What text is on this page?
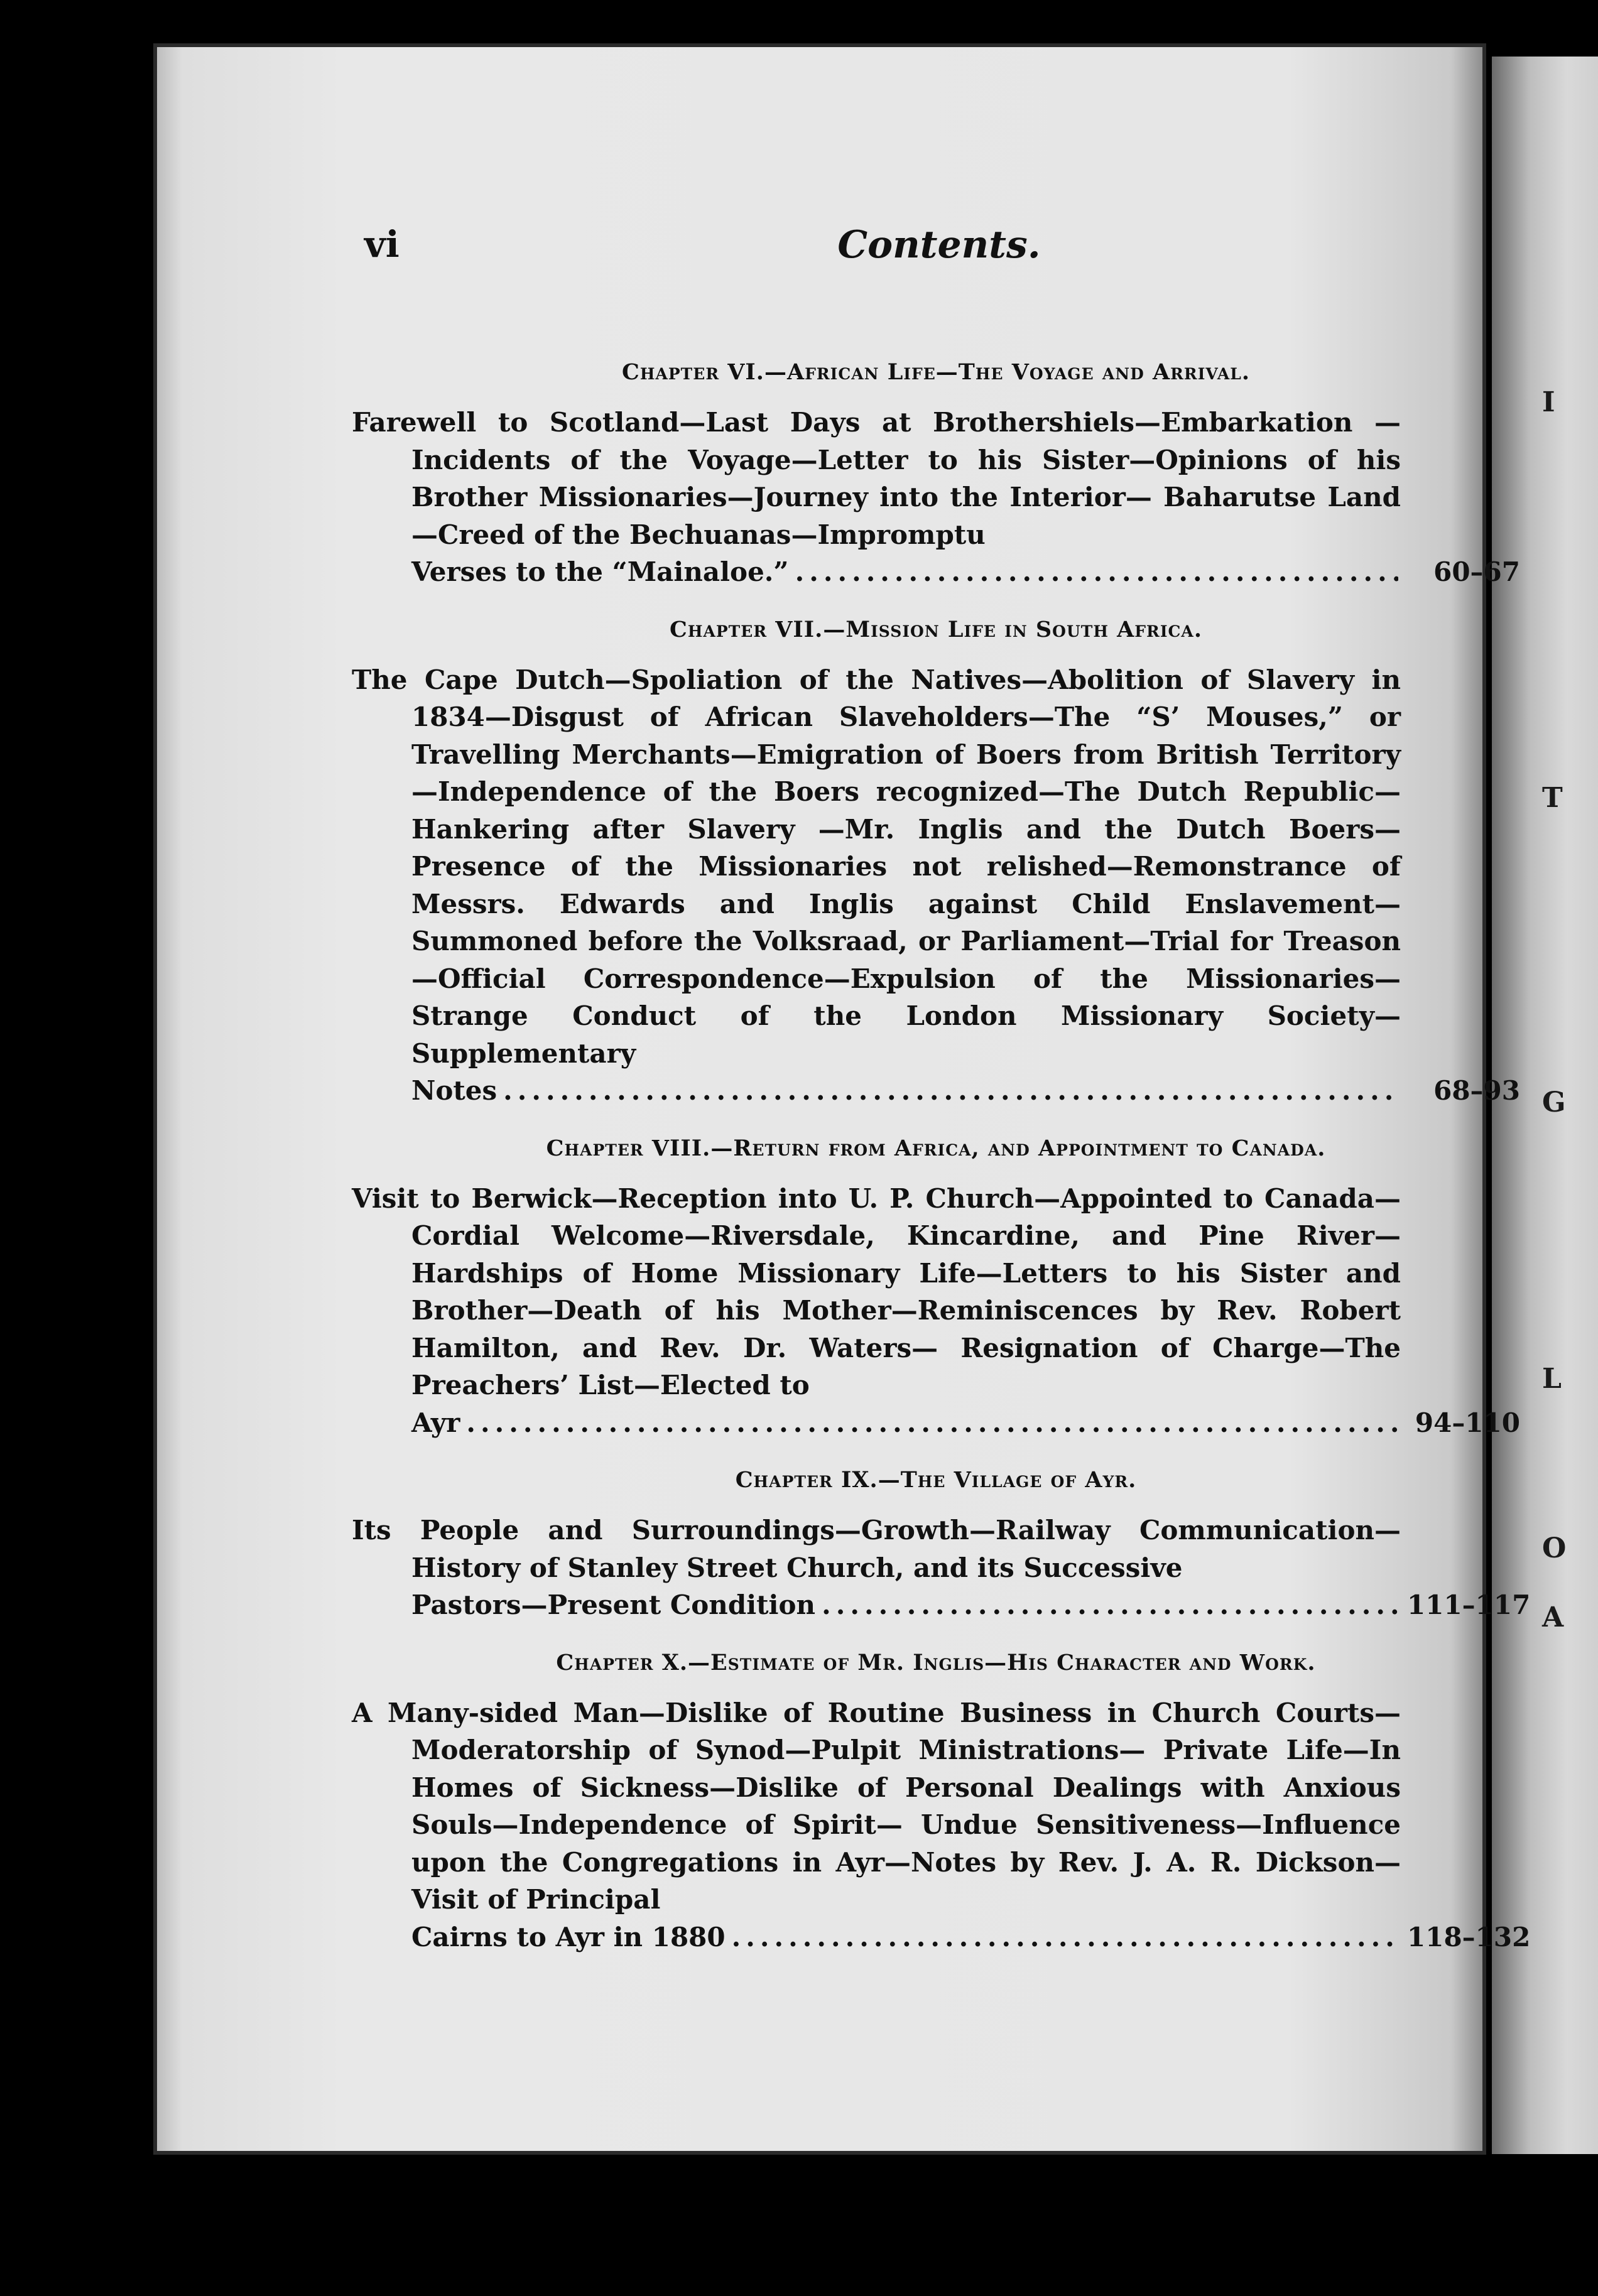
I
T
G
L
O
A
vi	Contents.
Chapter VI.—African Life—The Voyage and Arrival.
Farewell to Scotland—Last Days at Brothershiels—Embarkation —Incidents of the Voyage—Letter to his Sister—Opinions of his Brother Missionaries—Journey into the Interior— Baharutse Land—Creed of the Bechuanas—Impromptu
Verses to the “Mainaloe.” .....	60–67
Chapter VII.—Mission Life in South Africa.
The Cape Dutch—Spoliation of the Natives—Abolition of Slavery in 1834—Disgust of African Slaveholders—The “S’ Mouses,” or Travelling Merchants—Emigration of Boers from British Territory—Independence of the Boers recognized—The Dutch Republic—Hankering after Slavery —Mr. Inglis and the Dutch Boers—Presence of the Missionaries not relished—Remonstrance of Messrs. Edwards and Inglis against Child Enslavement—Summoned before the Volksraad, or Parliament—Trial for Treason—Official Correspondence—Expulsion of the Missionaries—Strange Conduct of the London Missionary Society—Supplementary
Notes .....	68–93
Chapter VIII.—Return from Africa, and Appointment to Canada.
Visit to Berwick—Reception into U. P. Church—Appointed to Canada—Cordial Welcome—Riversdale, Kincardine, and Pine River—Hardships of Home Missionary Life—Letters to his Sister and Brother—Death of his Mother—Reminiscences by Rev. Robert Hamilton, and Rev. Dr. Waters— Resignation of Charge—The Preachers’ List—Elected to
Ayr .....	94–110
Chapter IX.—The Village of Ayr.
Its People and Surroundings—Growth—Railway Communication—History of Stanley Street Church, and its Successive
Pastors—Present Condition .....	111–117
Chapter X.—Estimate of Mr. Inglis—His Character and Work.
A Many-sided Man—Dislike of Routine Business in Church Courts—Moderatorship of Synod—Pulpit Ministrations— Private Life—In Homes of Sickness—Dislike of Personal Dealings with Anxious Souls—Independence of Spirit— Undue Sensitiveness—Influence upon the Congregations in Ayr—Notes by Rev. J. A. R. Dickson—Visit of Principal
Cairns to Ayr in 1880 .....	118–132
